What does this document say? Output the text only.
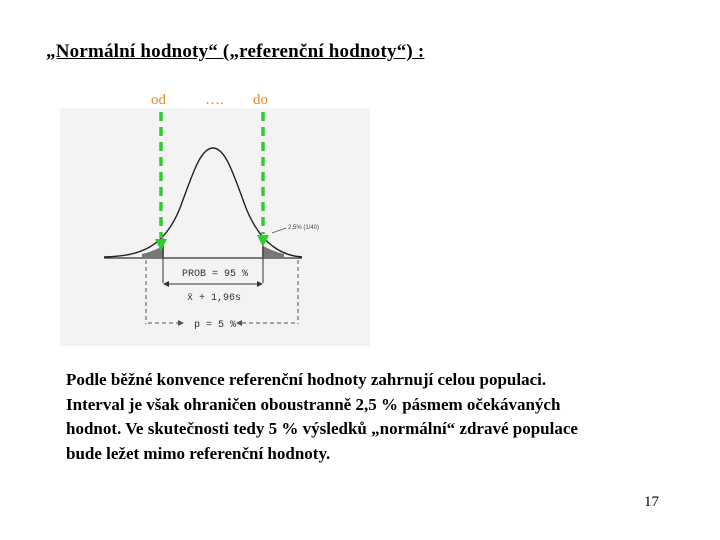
„Normální hodnoty“ („referenční hodnoty“) :
od	…. do
2,5% (1/40)
PROB = 95 %
x̄ + 1,96s
p = 5 %
Podle běžné konvence referenční hodnoty zahrnují celou populaci.
Interval je však ohraničen oboustranně 2,5 % pásmem očekávaných
hodnot. Ve skutečnosti tedy 5 % výsledků „normální“ zdravé populace
bude ležet mimo referenční hodnoty.
17
